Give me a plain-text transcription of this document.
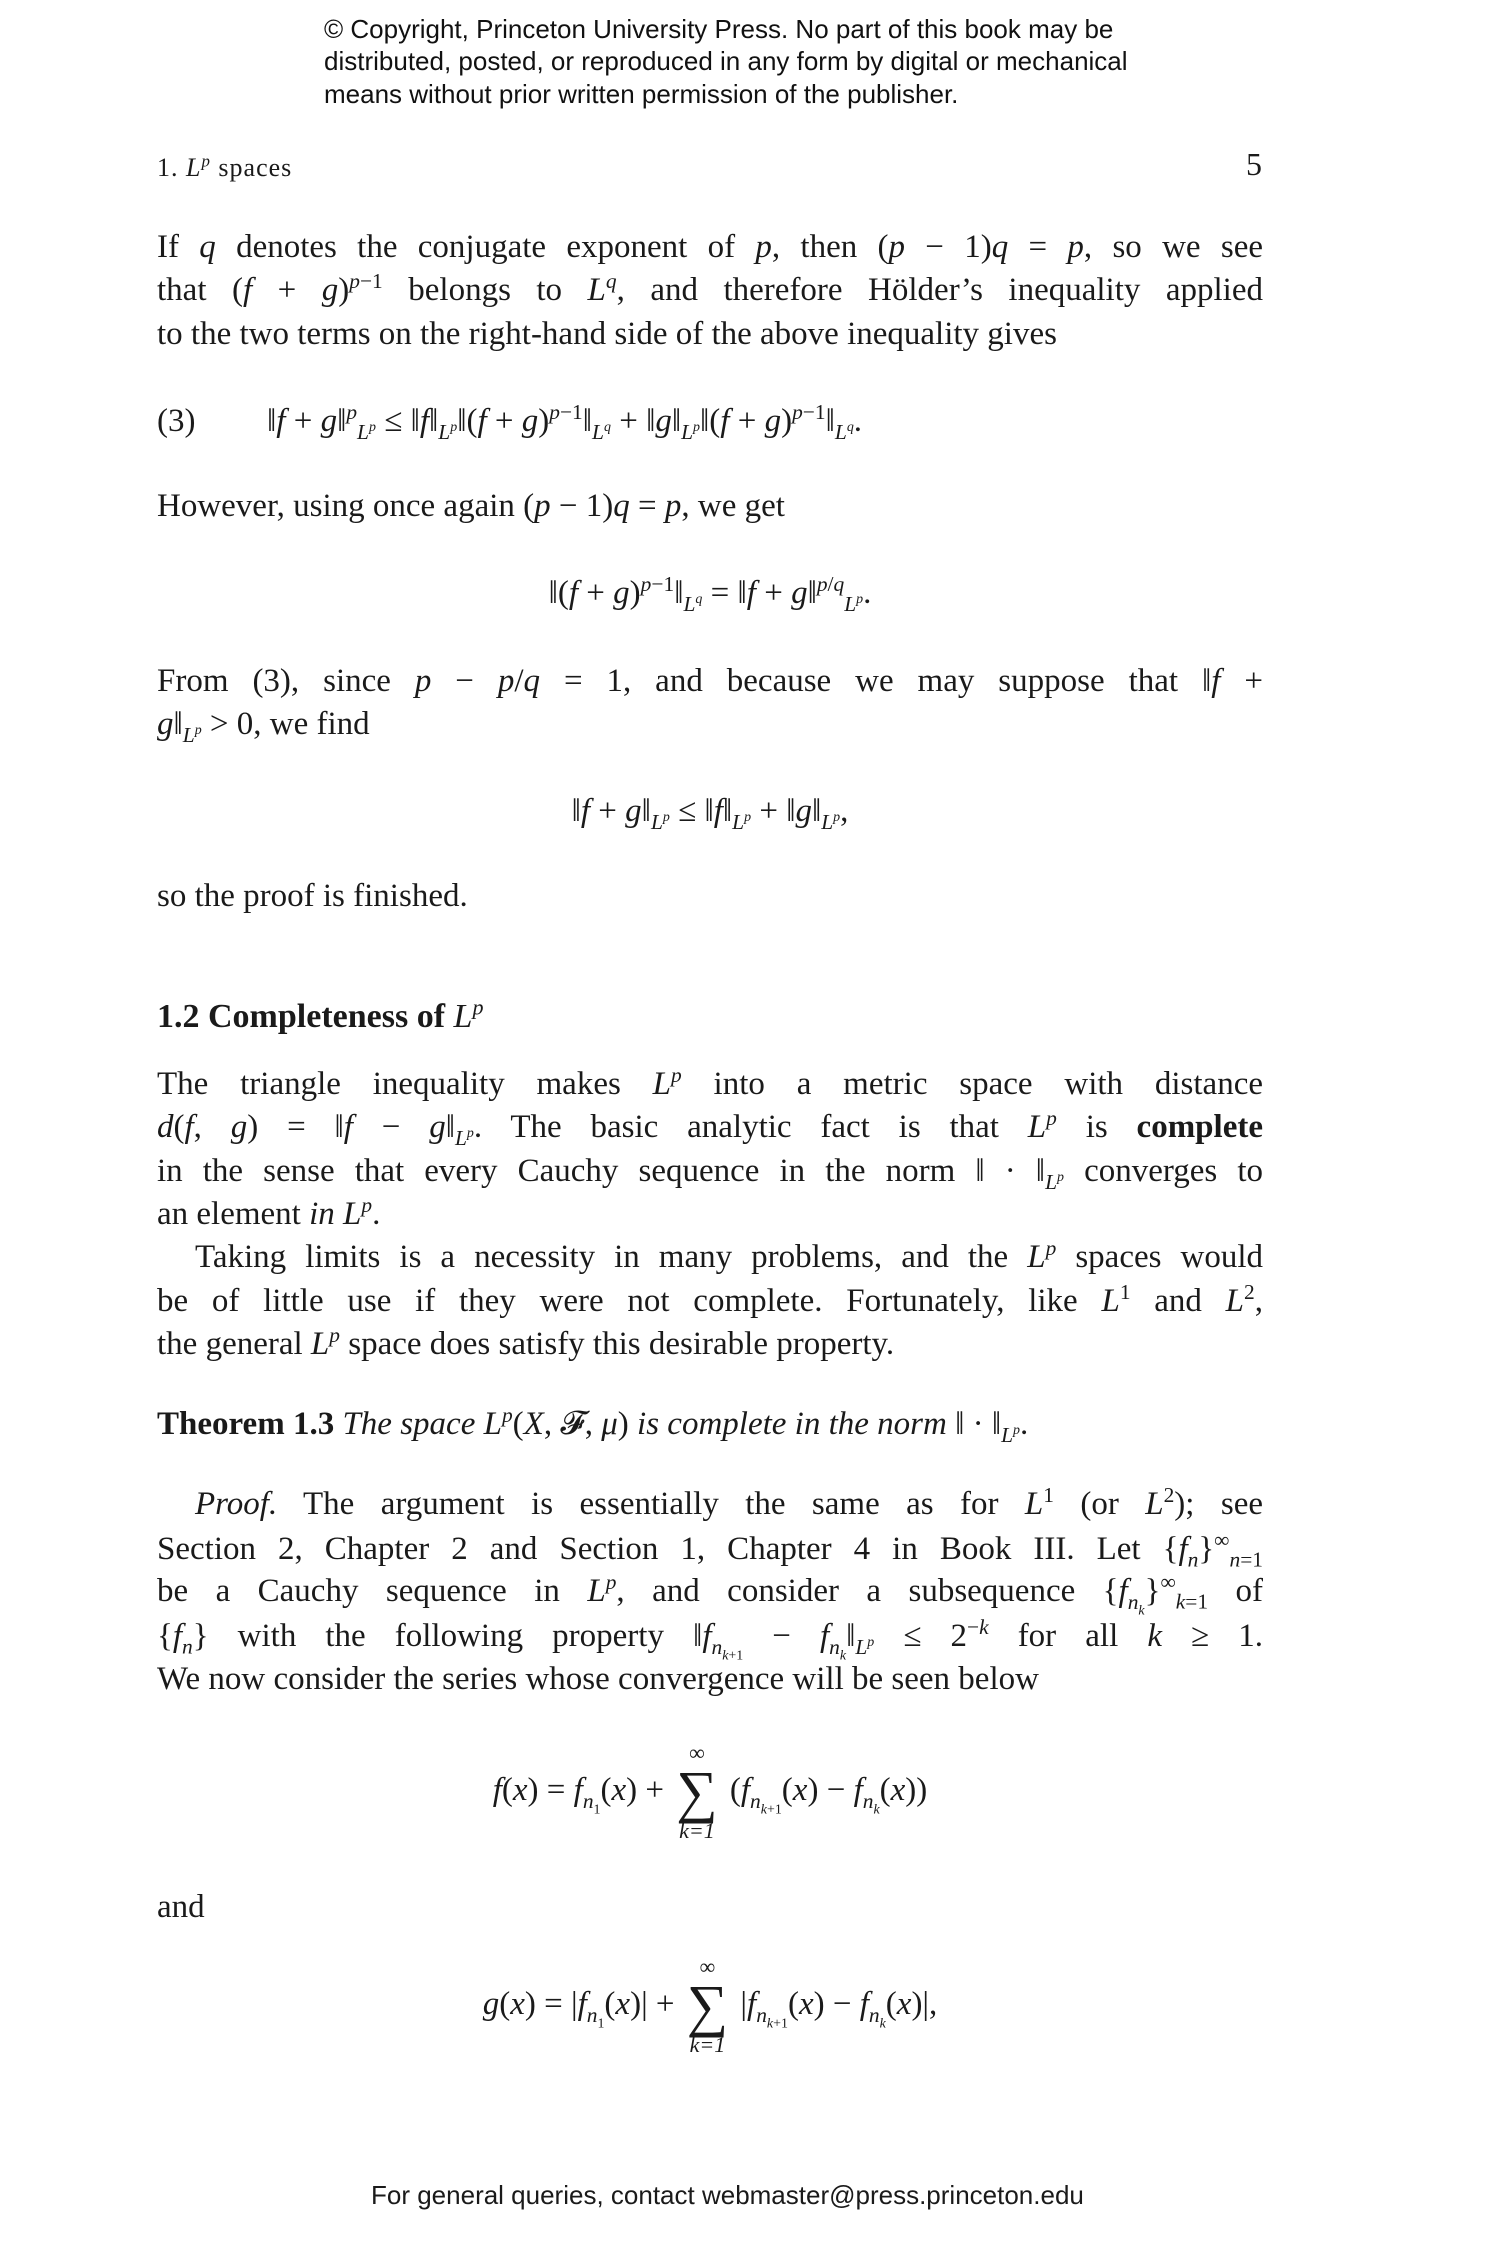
© Copyright, Princeton University Press. No part of this book may be
distributed, posted, or reproduced in any form by digital or mechanical
means without prior written permission of the publisher.
1. $L^p$ spaces	5
If q denotes the conjugate exponent of p, then (p − 1)q = p, so we see
that $(f + g)^{p-1}$ belongs to $L^q$, and therefore Hölder’s inequality applied
to the two terms on the right-hand side of the above inequality gives
(3) ‖f + g‖$^p_{L^p}$ ≤ $‖f‖_{L^p}‖(f$ + $g)^{p-1}‖_{L^q}$ + $‖g‖_{L^p}‖(f$ + $g)^{p-1}‖_{L^q}$.
However, using once again (p − 1)q = p, we get
‖(f + $g)^{p-1}‖_{L^q}$ = ‖f + g‖$^{p/q}_{L^p}$.
From (3), since p − p/q = 1, and because we may suppose that ‖f +
$g‖_{L^p} > 0$, we find
‖f + $g‖_{L^p}$ ≤ $‖f‖_{L^p}$ + $‖g‖_{L^p}$,
so the proof is finished.
1.2 Completeness of $L^p$
The triangle inequality makes $L^p$ into a metric space with distance
d(f, g) = ‖f − $g‖_{L^p}$. The basic analytic fact is that $L^p$ is complete
in the sense that every Cauchy sequence in the norm ‖ · $‖_{L^p}$ converges to
an element in $L^p$.
Taking limits is a necessity in many problems, and the $L^p$ spaces would
be of little use if they were not complete. Fortunately, like $L^1$ and $L^2$,
the general $L^p$ space does satisfy this desirable property.
Theorem 1.3 The space $L^p(X$, 𝓕, μ) is complete in the norm ‖ · $‖_{L^p}$.
Proof. The argument is essentially the same as for $L^1$ (or $L^2$); see
Section 2, Chapter 2 and Section 1, Chapter 4 in Book III. Let $\{f_n\}^\infty_{n=1}$
be a Cauchy sequence in $L^p$, and consider a subsequence $\{f_{n_k}\}^\infty_{k=1}$ of
$\{f_n\}$ with the following property $‖f_{n_{k+1}}$ − $f_{n_k}‖_{L^p} \le 2^{-k}$ for all k ≥ 1.
We now consider the series whose convergence will be seen below
$f(x) = f_{n_1}(x)$ +
∞
∑
k=1
$(f_{n_{k+1}}(x) - f_{n_k}(x))$
and
$g(x) = |f_{n_1}(x)|$ +
∞
∑
k=1
$|f_{n_{k+1}}(x) - f_{n_k}(x)|$,
For general queries, contact webmaster@press.princeton.edu
